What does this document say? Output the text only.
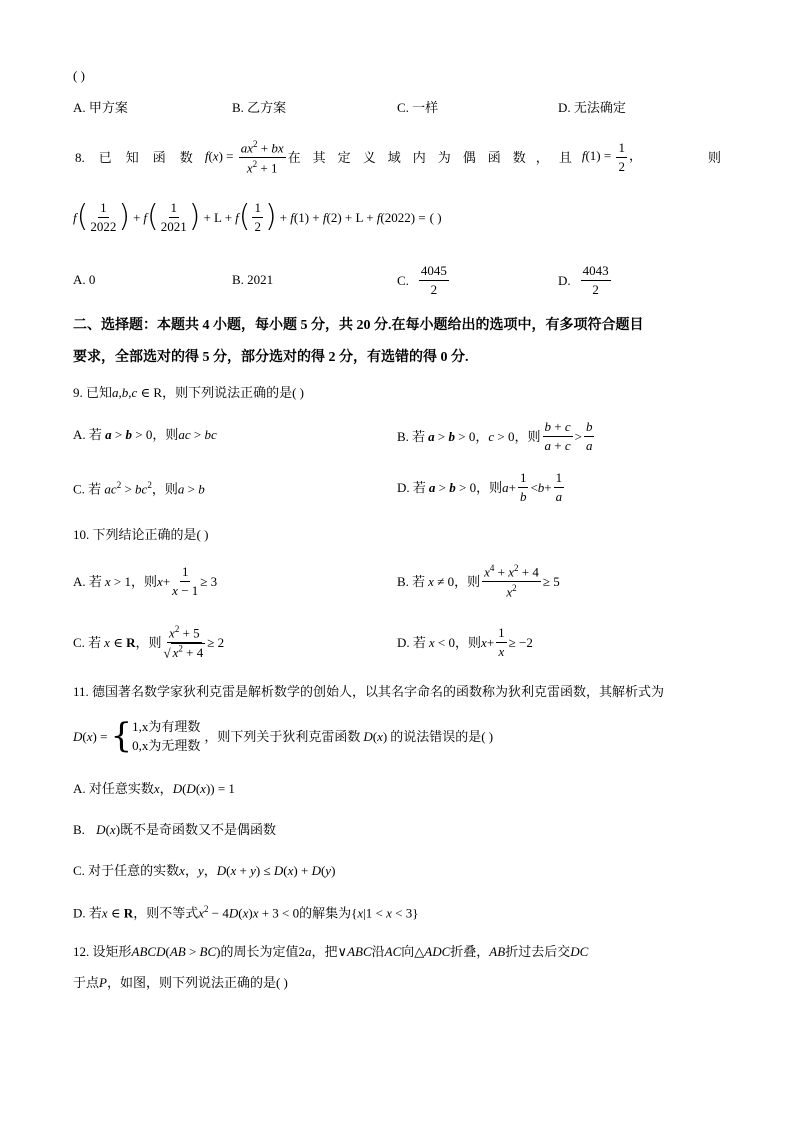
( )
A. 甲方案	B. 乙方案	C. 一样	D. 无法确定
8. 已 知 函 数 $f(x) = \frac{ax^2 + bx}{x^2 + 1}$ 在 其 定 义 域 内 为 偶 函 数 ， 且 $f(1) = \frac{1}{2}$ ，	则
f ( $\frac{1}{2022}$ ) + f ( $\frac{1}{2021}$ ) + L + f ( $\frac{1}{2}$ ) + f(1) + f(2) + L + f(2022) = ( )
A. 0	B. 2021	C. $\frac{4045}{2}$	D. $\frac{4043}{2}$
二、选择题：本题共 4 小题，每小题 5 分，共 20 分.在每小题给出的选项中，有多项符合题目
要求，全部选对的得 5 分，部分选对的得 2 分，有选错的得 0 分.
9. 已知a,b,c ∈ R，则下列说法正确的是( )
A. 若 a > b > 0，则ac > bc	B. 若 a > b > 0，c > 0 ，则 $\frac{b + c}{a + c} > \frac{b}{a}$
C. 若 $ac^2 > bc^2$，则a > b	D. 若 a > b > 0 ，则 $a + \frac{1}{b} < b + \frac{1}{a}$
10. 下列结论正确的是( )
A. 若 x > 1 ，则 $x + \frac{1}{x - 1} \ge 3$	B. 若 x ≠ 0 ，则 $\frac{x^4 + x^2 + 4}{x^2} \ge 5$
C. 若 x ∈ R ，则 $\frac{x^2 + 5}{√ x^2 + 4} \ge 2$	D. 若 x < 0 ，则 $x + \frac{1}{x} \ge -2$
11. 德国著名数学家狄利克雷是解析数学的创始人，以其名字命名的函数称为狄利克雷函数，其解析式为
D ( x ) = { 1,x为有理数
0,x为无理数
，则下列关于狄利克雷函数 D(x) 的说法错误的是( )
A. 对任意实数x，D(D(x)) = 1
B. D(x)既不是奇函数又不是偶函数
C. 对于任意的实数x，y，D(x + y) ≤ D(x) + D(y)
D. 若x ∈ R，则不等式$x^2 - 4D(x)x + 3 < 0$的解集为{x|1 < x < 3}
12. 设矩形ABCD(AB > BC)的周长为定值2a，把∨ABC沿AC向△ADC折叠，AB折过去后交DC
于点P，如图，则下列说法正确的是( )
